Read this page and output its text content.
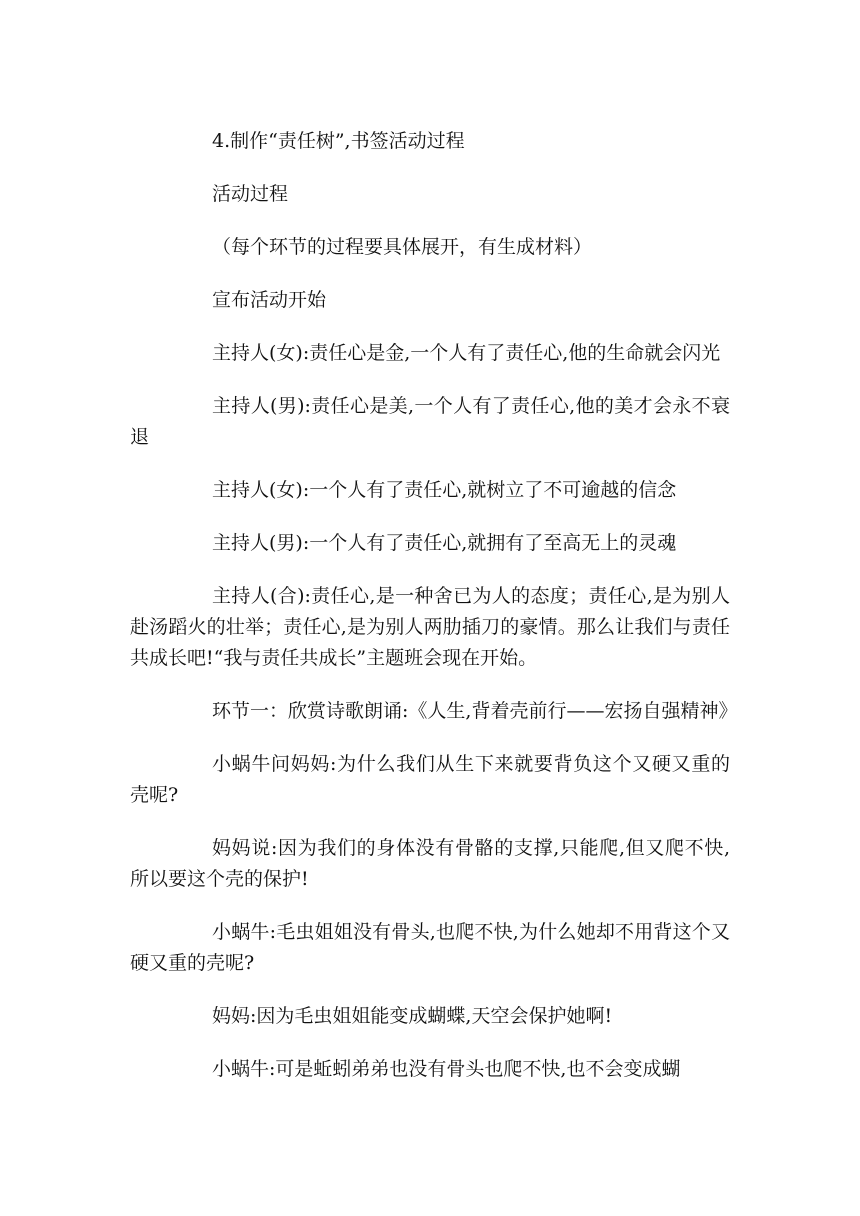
4.制作“责任树”,书签活动过程

活动过程

（每个环节的过程要具体展开，有生成材料）

宣布活动开始

主持人(女):责任心是金,一个人有了责任心,他的生命就会闪光

主持人(男):责任心是美,一个人有了责任心,他的美才会永不衰退

主持人(女):一个人有了责任心,就树立了不可逾越的信念

主持人(男):一个人有了责任心,就拥有了至高无上的灵魂

主持人(合):责任心,是一种舍已为人的态度；责任心,是为别人赴汤蹈火的壮举；责任心,是为别人两肋插刀的豪情。那么让我们与责任共成长吧!“我与责任共成长”主题班会现在开始。

环节一：欣赏诗歌朗诵:《人生,背着壳前行——宏扬自强精神》

小蜗牛问妈妈:为什么我们从生下来就要背负这个又硬又重的壳呢?

妈妈说:因为我们的身体没有骨骼的支撑,只能爬,但又爬不快,所以要这个壳的保护!

小蜗牛:毛虫姐姐没有骨头,也爬不快,为什么她却不用背这个又硬又重的壳呢?

妈妈:因为毛虫姐姐能变成蝴蝶,天空会保护她啊!

小蜗牛:可是蚯蚓弟弟也没有骨头也爬不快,也不会变成蝴
